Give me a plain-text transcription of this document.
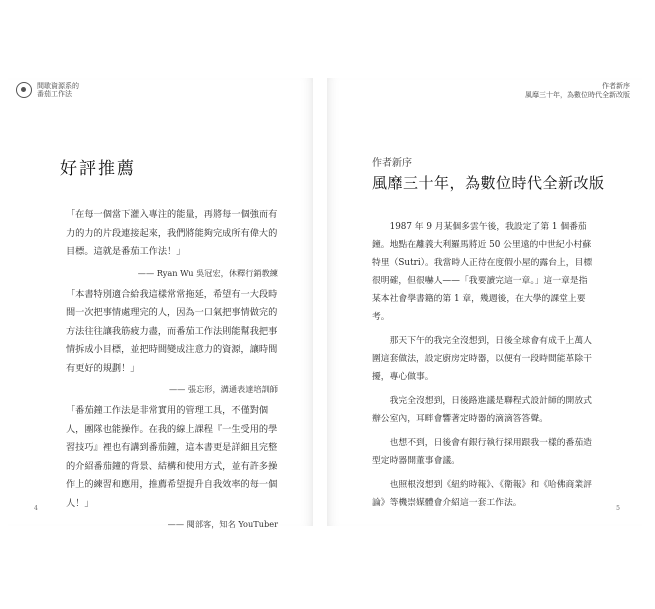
間歇資源系的
番茄工作法
好評推薦

「在每一個當下灌入專注的能量，再將每一個強而有力的力的片段連接起來，我們將能夠完成所有偉大的目標。這就是番茄工作法！」

—— Ryan Wu 吳冠宏，休釋行銷教練

「本書特別適合給我這樣常常拖延，希望有一大段時間一次把事情處理完的人，因為一口氣把事情做完的方法往往讓我筋疲力盡，而番茄工作法則能幫我把事情拆成小目標，並把時間變成注意力的資源，讓時間有更好的規劃！」

—— 張忘形，溝通表達培訓師

「番茄鐘工作法是非常實用的管理工具，不僅對個人，團隊也能操作。在我的線上課程『一生受用的學習技巧』裡也有講到番茄鐘，這本書更是詳細且完整的介紹番茄鐘的背景、結構和使用方式，並有許多操作上的練習和應用，推薦希望提升自我效率的每一個人！」

—— 閱部客，知名 YouTuber
4
作者新序
風靡三十年，為數位時代全新改版
作者新序
風靡三十年，為數位時代全新改版

1987 年 9 月某個多雲午後，我設定了第 1 個番茄鐘。地點在離義大利羅馬將近 50 公里遠的中世紀小村蘇特里（Sutri）。我當時人正待在度假小屋的露台上，目標很明確，但很嚇人——「我要讀完這一章。」這一章是指某本社會學書籍的第 1 章，幾週後，在大學的課堂上要考。

那天下午的我完全沒想到，日後全球會有成千上萬人圍這套做法，設定廚房定時器，以便有一段時間能革除干擾，專心做事。

我完全沒想到，日後路進議是聯程式設計師的開放式辦公室內，耳畔會響著定時器的滴滴答答聲。

也想不到，日後會有銀行執行採用跟我一樣的番茄造型定時器開董事會議。

也照根沒想到《紐約時報》、《衛報》和《哈佛商業評論》等機崇媒體會介紹這一套工作法。

5
